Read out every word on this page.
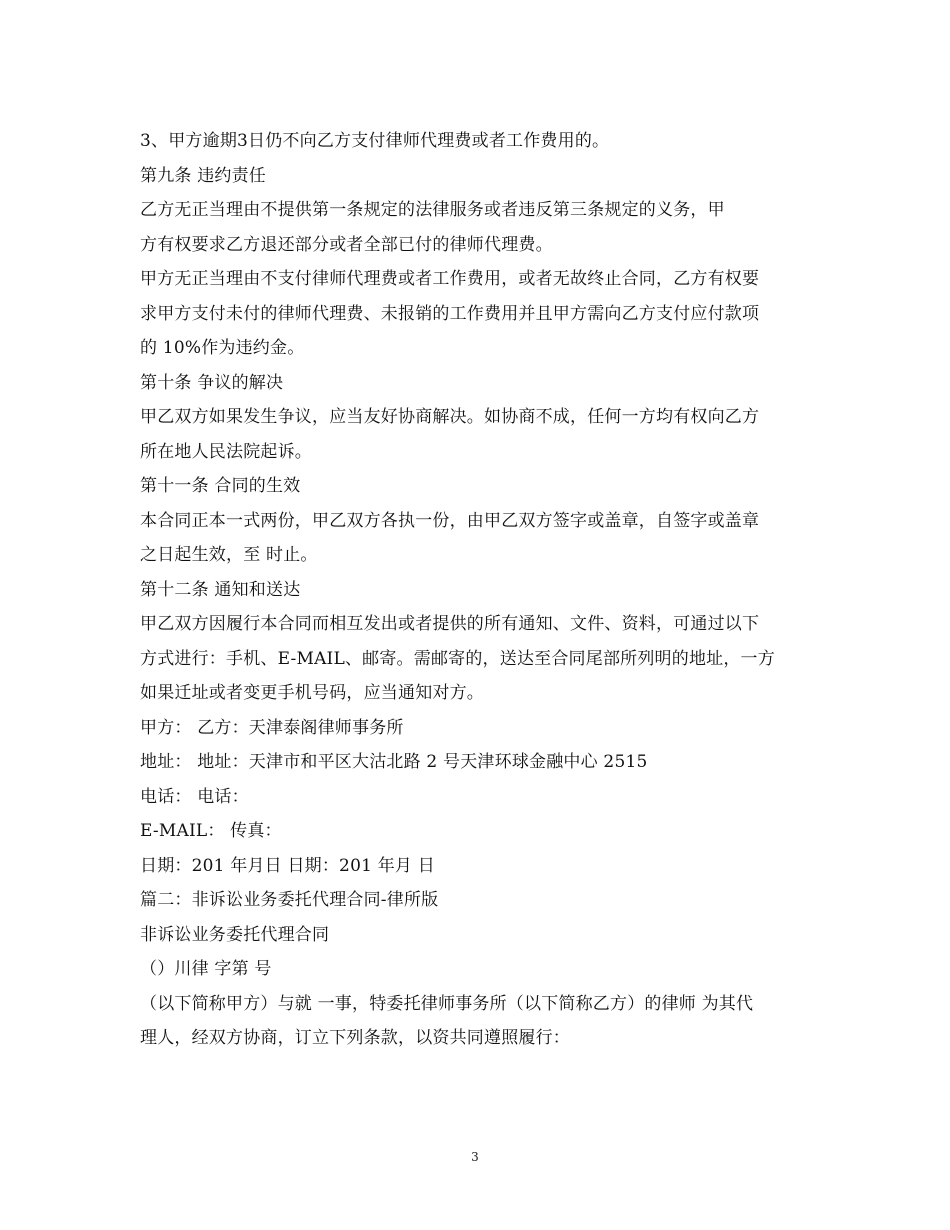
3、甲方逾期3日仍不向乙方支付律师代理费或者工作费用的。
第九条 违约责任
乙方无正当理由不提供第一条规定的法律服务或者违反第三条规定的义务，甲
方有权要求乙方退还部分或者全部已付的律师代理费。
甲方无正当理由不支付律师代理费或者工作费用，或者无故终止合同，乙方有权要
求甲方支付未付的律师代理费、未报销的工作费用并且甲方需向乙方支付应付款项
的 10%作为违约金。
第十条 争议的解决
甲乙双方如果发生争议，应当友好协商解决。如协商不成，任何一方均有权向乙方
所在地人民法院起诉。
第十一条 合同的生效
本合同正本一式两份，甲乙双方各执一份，由甲乙双方签字或盖章，自签字或盖章
之日起生效，至 时止。
第十二条 通知和送达
甲乙双方因履行本合同而相互发出或者提供的所有通知、文件、资料，可通过以下
方式进行：手机、E-MAIL、邮寄。需邮寄的，送达至合同尾部所列明的地址，一方
如果迁址或者变更手机号码，应当通知对方。
甲方： 乙方：天津泰阁律师事务所
地址： 地址：天津市和平区大沽北路 2 号天津环球金融中心 2515
电话： 电话：
E-MAIL： 传真：
日期：201 年月日 日期：201 年月 日
篇二：非诉讼业务委托代理合同-律所版
非诉讼业务委托代理合同
（）川律 字第 号
（以下简称甲方）与就 一事，特委托律师事务所（以下简称乙方）的律师 为其代
理人，经双方协商，订立下列条款，以资共同遵照履行：
3
